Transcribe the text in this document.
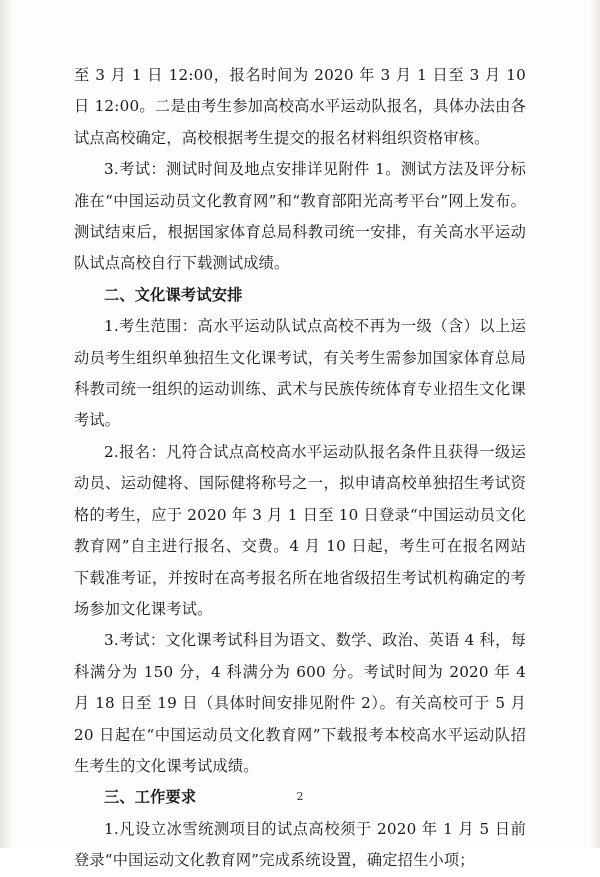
至 3 月 1 日 12:00，报名时间为 2020 年 3 月 1 日至 3 月 10 日 12:00。二是由考生参加高校高水平运动队报名，具体办法由各试点高校确定，高校根据考生提交的报名材料组织资格审核。

3.考试：测试时间及地点安排详见附件 1。测试方法及评分标准在“中国运动员文化教育网”和“教育部阳光高考平台”网上发布。测试结束后，根据国家体育总局科教司统一安排，有关高水平运动队试点高校自行下载测试成绩。

二、文化课考试安排

1.考生范围：高水平运动队试点高校不再为一级（含）以上运动员考生组织单独招生文化课考试，有关考生需参加国家体育总局科教司统一组织的运动训练、武术与民族传统体育专业招生文化课考试。

2.报名：凡符合试点高校高水平运动队报名条件且获得一级运动员、运动健将、国际健将称号之一，拟申请高校单独招生考试资格的考生，应于 2020 年 3 月 1 日至 10 日登录“中国运动员文化教育网”自主进行报名、交费。4 月 10 日起，考生可在报名网站下载准考证，并按时在高考报名所在地省级招生考试机构确定的考场参加文化课考试。

3.考试：文化课考试科目为语文、数学、政治、英语 4 科，每科满分为 150 分，4 科满分为 600 分。考试时间为 2020 年 4 月 18 日至 19 日（具体时间安排见附件 2）。有关高校可于 5 月 20 日起在“中国运动员文化教育网”下载报考本校高水平运动队招生考生的文化课考试成绩。

三、工作要求

1.凡设立冰雪统测项目的试点高校须于 2020 年 1 月 5 日前登录“中国运动文化教育网”完成系统设置，确定招生小项；

2
